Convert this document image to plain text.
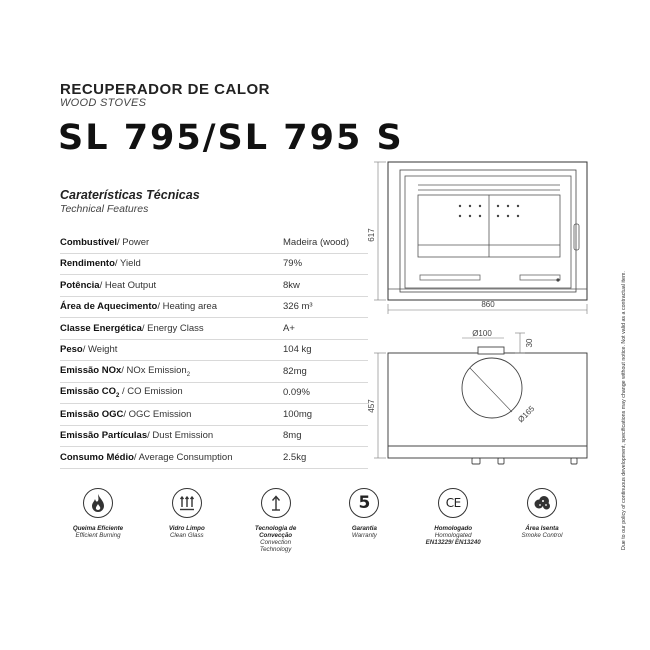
RECUPERADOR DE CALOR
WOOD STOVES
SL 795/SL 795 S
Caraterísticas Técnicas
Technical Features
Combustível/ Power	Madeira (wood)
Rendimento/ Yield	79%
Potência/ Heat Output	8kw
Área de Aquecimento/ Heating area	326 m³
Classe Energética/ Energy Class	A+
Peso/ Weight	104 kg
Emissão NOx/ NOx Emission$_2$	82mg
Emissão $CO_2$ / CO Emission	0.09%
Emissão OGC/ OGC Emission	100mg
Emissão Partículas/ Dust Emission	8mg
Consumo Médio/ Average Consumption	2.5kg
617
860
Ø100
30
457	Ø165	Due to our policy of continuous development, specifications may change without notice. Not valid as a contractual item.
Queima Eficiente
Efficient Burning
Vidro Limpo
Clean Glass
Tecnologia de
Convecção
Convection
Technology
5
Garantia
Warranty
CE
Homologado
Homologated
EN13229/ EN13240
Área Isenta
Smoke Control
